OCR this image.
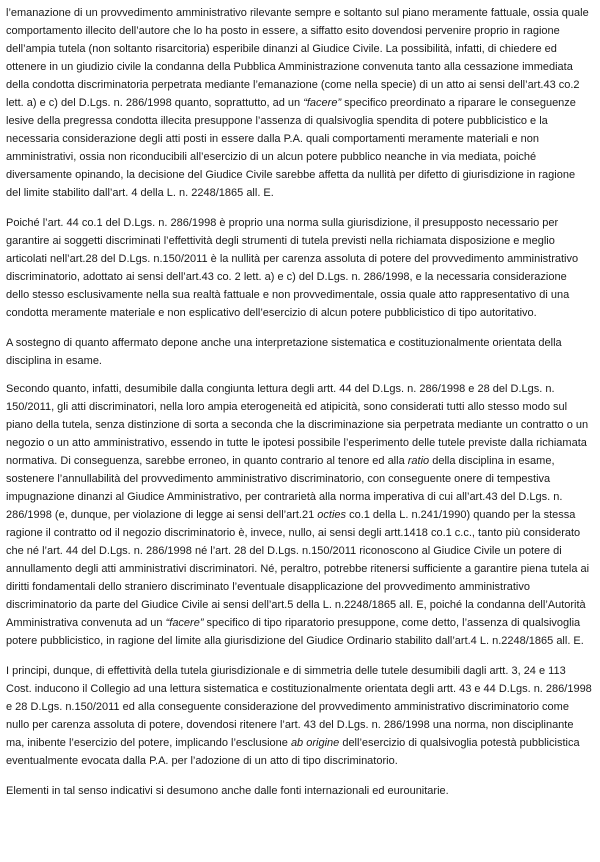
l’emanazione di un provvedimento amministrativo rilevante sempre e soltanto sul piano meramente fattuale, ossia quale comportamento illecito dell’autore che lo ha posto in essere, a siffatto esito dovendosi pervenire proprio in ragione dell’ampia tutela (non soltanto risarcitoria) esperibile dinanzi al Giudice Civile. La possibilità, infatti, di chiedere ed ottenere in un giudizio civile la condanna della Pubblica Amministrazione convenuta tanto alla cessazione immediata della condotta discriminatoria perpetrata mediante l’emanazione (come nella specie) di un atto ai sensi dell’art.43 co.2 lett. a) e c) del D.Lgs. n. 286/1998 quanto, soprattutto, ad un “facere” specifico preordinato a riparare le conseguenze lesive della pregressa condotta illecita presuppone l’assenza di qualsivoglia spendita di potere pubblicistico e la necessaria considerazione degli atti posti in essere dalla P.A. quali comportamenti meramente materiali e non amministrativi, ossia non riconducibili all’esercizio di un alcun potere pubblico neanche in via mediata, poiché diversamente opinando, la decisione del Giudice Civile sarebbe affetta da nullità per difetto di giurisdizione in ragione del limite stabilito dall’art. 4 della L. n. 2248/1865 all. E.

Poiché l’art. 44 co.1 del D.Lgs. n. 286/1998 è proprio una norma sulla giurisdizione, il presupposto necessario per garantire ai soggetti discriminati l’effettività degli strumenti di tutela previsti nella richiamata disposizione e meglio articolati nell’art.28 del D.Lgs. n.150/2011 è la nullità per carenza assoluta di potere del provvedimento amministrativo discriminatorio, adottato ai sensi dell’art.43 co. 2 lett. a) e c) del D.Lgs. n. 286/1998, e la necessaria considerazione dello stesso esclusivamente nella sua realtà fattuale e non provvedimentale, ossia quale atto rappresentativo di una condotta meramente materiale e non esplicativo dell’esercizio di alcun potere pubblicistico di tipo autoritativo.

A sostegno di quanto affermato depone anche una interpretazione sistematica e costituzionalmente orientata della disciplina in esame.

Secondo quanto, infatti, desumibile dalla congiunta lettura degli artt. 44 del D.Lgs. n. 286/1998 e 28 del D.Lgs. n. 150/2011, gli atti discriminatori, nella loro ampia eterogeneità ed atipicità, sono considerati tutti allo stesso modo sul piano della tutela, senza distinzione di sorta a seconda che la discriminazione sia perpetrata mediante un contratto o un negozio o un atto amministrativo, essendo in tutte le ipotesi possibile l’esperimento delle tutele previste dalla richiamata normativa. Di conseguenza, sarebbe erroneo, in quanto contrario al tenore ed alla ratio della disciplina in esame, sostenere l’annullabilità del provvedimento amministrativo discriminatorio, con conseguente onere di tempestiva impugnazione dinanzi al Giudice Amministrativo, per contrarietà alla norma imperativa di cui all’art.43 del D.Lgs. n. 286/1998 (e, dunque, per violazione di legge ai sensi dell’art.21 octies co.1 della L. n.241/1990) quando per la stessa ragione il contratto od il negozio discriminatorio è, invece, nullo, ai sensi degli artt.1418 co.1 c.c., tanto più considerato che né l’art. 44 del D.Lgs. n. 286/1998 né l’art. 28 del D.Lgs. n.150/2011 riconoscono al Giudice Civile un potere di annullamento degli atti amministrativi discriminatori. Né, peraltro, potrebbe ritenersi sufficiente a garantire piena tutela ai diritti fondamentali dello straniero discriminato l’eventuale disapplicazione del provvedimento amministrativo discriminatorio da parte del Giudice Civile ai sensi dell’art.5 della L. n.2248/1865 all. E, poiché la condanna dell’Autorità Amministrativa convenuta ad un “facere” specifico di tipo riparatorio presuppone, come detto, l’assenza di qualsivoglia potere pubblicistico, in ragione del limite alla giurisdizione del Giudice Ordinario stabilito dall’art.4 L. n.2248/1865 all. E.

I principi, dunque, di effettività della tutela giurisdizionale e di simmetria delle tutele desumibili dagli artt. 3, 24 e 113 Cost. inducono il Collegio ad una lettura sistematica e costituzionalmente orientata degli artt. 43 e 44 D.Lgs. n. 286/1998 e 28 D.Lgs. n.150/2011 ed alla conseguente considerazione del provvedimento amministrativo discriminatorio come nullo per carenza assoluta di potere, dovendosi ritenere l’art. 43 del D.Lgs. n. 286/1998 una norma, non disciplinante ma, inibente l’esercizio del potere, implicando l’esclusione ab origine dell’esercizio di qualsivoglia potestà pubblicistica eventualmente evocata dalla P.A. per l’adozione di un atto di tipo discriminatorio.

Elementi in tal senso indicativi si desumono anche dalle fonti internazionali ed eurounitarie.
